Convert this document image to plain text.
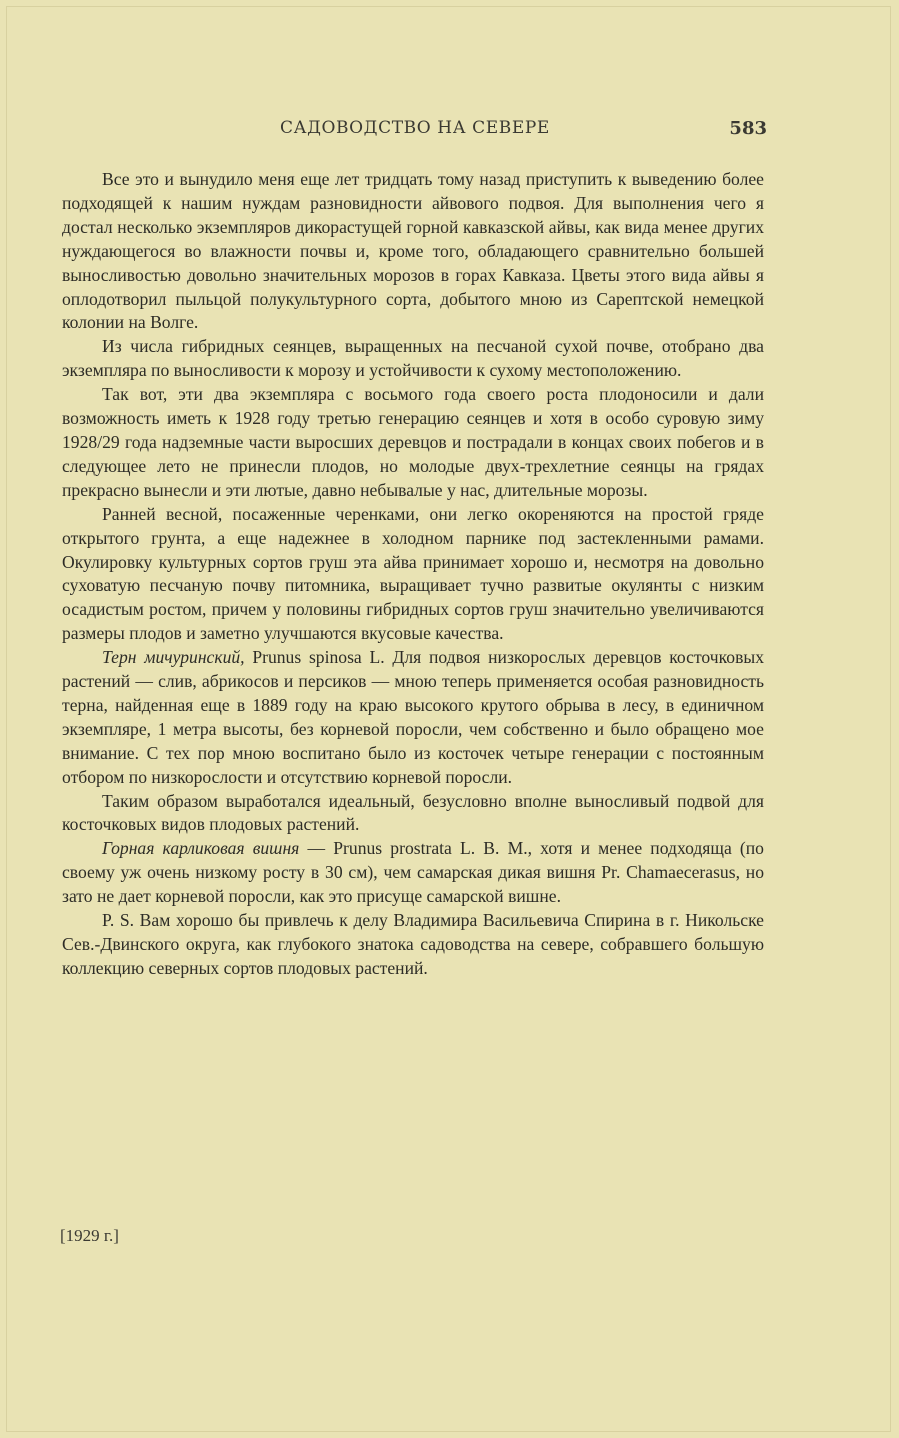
САДОВОДСТВО НА СЕВЕРЕ	583

Все это и вынудило меня еще лет тридцать тому назад приступить к выведению более подходящей к нашим нуждам разновидности айвового подвоя. Для выполнения чего я достал несколько экземпляров дикорастущей горной кавказской айвы, как вида менее других нуждающегося во влажности почвы и, кроме того, обладающего сравнительно большей выносливостью довольно значительных морозов в горах Кавказа. Цветы этого вида айвы я оплодотворил пыльцой полукультурного сорта, добытого мною из Сарептской немецкой колонии на Волге.

Из числа гибридных сеянцев, выращенных на песчаной сухой почве, отобрано два экземпляра по выносливости к морозу и устойчивости к сухому местоположению.

Так вот, эти два экземпляра с восьмого года своего роста плодоносили и дали возможность иметь к 1928 году третью генерацию сеянцев и хотя в особо суровую зиму 1928/29 года надземные части выросших деревцов и пострадали в концах своих побегов и в следующее лето не принесли плодов, но молодые двух-трехлетние сеянцы на грядах прекрасно вынесли и эти лютые, давно небывалые у нас, длительные морозы.

Ранней весной, посаженные черенками, они легко окореняются на простой гряде открытого грунта, а еще надежнее в холодном парнике под застекленными рамами. Окулировку культурных сортов груш эта айва принимает хорошо и, несмотря на довольно суховатую песчаную почву питомника, выращивает тучно развитые окулянты с низким осадистым ростом, причем у половины гибридных сортов груш значительно увеличиваются размеры плодов и заметно улучшаются вкусовые качества.

Терн мичуринский, Prunus spinosa L. Для подвоя низкорослых деревцов косточковых растений — слив, абрикосов и персиков — мною теперь применяется особая разновидность терна, найденная еще в 1889 году на краю высокого крутого обрыва в лесу, в единичном экземпляре, 1 метра высоты, без корневой поросли, чем собственно и было обращено мое внимание. С тех пор мною воспитано было из косточек четыре генерации с постоянным отбором по низкорослости и отсутствию корневой поросли.

Таким образом выработался идеальный, безусловно вполне выносливый подвой для косточковых видов плодовых растений.

Горная карликовая вишня — Prunus prostrata L. B. M., хотя и менее подходяща (по своему уж очень низкому росту в 30 см), чем самарская дикая вишня Pr. Chamaecerasus, но зато не дает корневой поросли, как это присуще самарской вишне.

P. S. Вам хорошо бы привлечь к делу Владимира Васильевича Спирина в г. Никольске Сев.-Двинского округа, как глубокого знатока садоводства на севере, собравшего большую коллекцию северных сортов плодовых растений.

[1929 г.]
